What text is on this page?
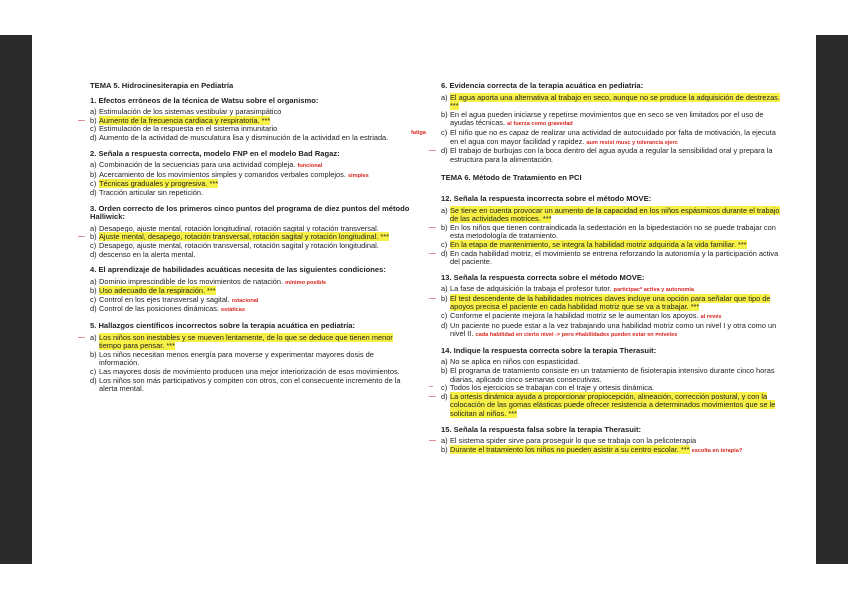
TEMA 5. Hidrocinesiterapia en Pediatría
1. Efectos erróneos de la técnica de Watsu sobre el organismo:
a) Estimulación de los sistemas vestibular y parasimpático
— b) Aumento de la frecuencia cardiaca y respiratoria. ***
c) Estimulación de la respuesta en el sistema inmunitario
d) Aumento de la actividad de musculatura lisa y disminución de la actividad en la estriada.
2. Señala a respuesta correcta, modelo FNP en el modelo Bad Ragaz:
a) Combinación de la secuencias para una actividad compleja. funcional
b) Acercamiento de los movimientos simples y comandos verbales complejos. simples
c) Técnicas graduales y progresiva. ***
d) Tracción articular sin repetición.
3. Orden correcto de los primeros cinco puntos del programa de diez puntos del método Halliwick:
a) Desapego, ajuste mental, rotación longitudinal, rotación sagital y rotación transversal.
— b) Ajuste mental, desapego, rotación transversal, rotación sagital y rotación longitudinal. ***
c) Desapego, ajuste mental, rotación transversal, rotación sagital y rotación longitudinal.
d) descenso en la alerta mental.
4. El aprendizaje de habilidades acuáticas necesita de las siguientes condiciones:
a) Dominio imprescindible de los movimientos de natación. mínimo posible
b) Uso adecuado de la respiración. ***
c) Control en los ejes transversal y sagital. rotacional
d) Control de las posiciones dinámicas. estáticas
5. Hallazgos científicos incorrectos sobre la terapia acuática en pediatría:
— a) Los niños son inestables y se mueven lentamente, de lo que se deduce que tienen menor tiempo para pensar. ***
b) Los niños necesitan menos energía para moverse y experimentar mayores dosis de información.
c) Las mayores dosis de movimiento producen una mejor interiorización de esos movimientos.
d) Los niños son más participativos y compiten con otros, con el consecuente incremento de la alerta mental.
6. Evidencia correcta de la terapia acuática en pediatría:
a) El agua aporta una alternativa al trabajo en seco, aunque no se produce la adquisición de destrezas. ***
b) En el agua pueden iniciarse y repetirse movimientos que en seco se ven limitados por el uso de ayudas técnicas. al fuerza como gravedad
fatiga c) El niño que no es capaz de realizar una actividad de autocuidado por falta de motivación, la ejecuta en el agua con mayor facilidad y rapidez. aum resist musc y tolerancia ejerc
— d) El trabajo de burbujas con la boca dentro del agua ayuda a regular la sensibilidad oral y prepara la estructura para la alimentación.
TEMA 6. Método de Tratamiento en PCI
12. Señala la respuesta incorrecta sobre el método MOVE:
a) Se tiene en cuenta provocar un aumento de la capacidad en los niños espásmicos durante el trabajo de las actividades motrices. ***
— b) En los niños que tienen contraindicada la sedestación en la bipedestación no se puede trabajar con esta metodología de tratamiento.
c) En la etapa de mantenimiento, se integra la habilidad motriz adquirida a la vida familiar. ***
— d) En cada habilidad motriz, el movimiento se entrena reforzando la autonomía y la participación activa del paciente.
13. Señala la respuesta correcta sobre el método MOVE:
a) La fase de adquisición la trabaja el profesor tutor. participac* activa y autonomía
— b) El test descendente de la habilidades motrices claves incluye una opción para señalar que tipo de apoyos precisa el paciente en cada habilidad motriz que se va a trabajar. ***
c) Conforme el paciente mejora la habilidad motriz se le aumentan los apoyos. al revés
d) Un paciente no puede estar a la vez trabajando una habilidad motriz como un nivel I y otra como un nivel II. cada habilidad en cierto nivel -> pero ≠habilidades pueden estar en ≠niveles
14. Indique la respuesta correcta sobre la terapia Therasuit:
a) No se aplica en niños con espasticidad.
b) El programa de tratamiento consiste en un tratamiento de fisioterapia intensivo durante cinco horas diarias, aplicado cinco semanas consecutivas.
~ c) Todos los ejercicios se trabajan con el traje y ortesis dinámica.
— d) La ortesis dinámica ayuda a proporcionar propiocepción, alineación, corrección postural, y con la colocación de las gomas elásticas puede ofrecer resistencia a determinados movimientos que se le solicitan al niños. ***
15. Señala la respuesta falsa sobre la terapia Therasuit:
— a) El sistema spider sirve para proseguir lo que se trabaja con la pelicoterapia
b) Durante el tratamiento los niños no pueden asistir a su centro escolar. *** escolta en terapia?
